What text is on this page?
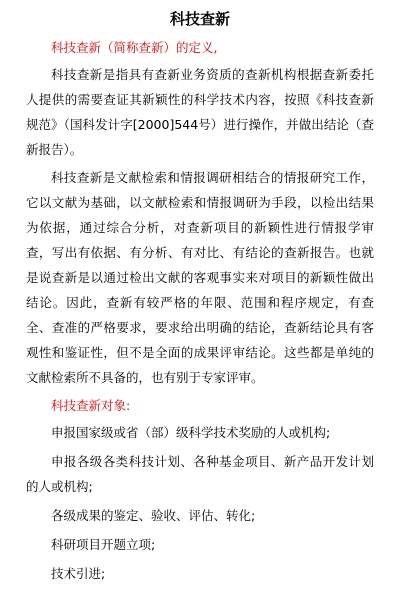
科技查新

科技查新（简称查新）的定义,

科技查新是指具有查新业务资质的查新机构根据查新委托人提供的需要查证其新颖性的科学技术内容，按照《科技查新规范》（国科发计字[2000]544号）进行操作，并做出结论（查新报告）。

科技查新是文献检索和情报调研相结合的情报研究工作，它以文献为基础，以文献检索和情报调研为手段，以检出结果为依据，通过综合分析，对查新项目的新颖性进行情报学审查，写出有依据、有分析、有对比、有结论的查新报告。也就是说查新是以通过检出文献的客观事实来对项目的新颖性做出结论。因此，查新有较严格的年限、范围和程序规定，有查全、查准的严格要求，要求给出明确的结论，查新结论具有客观性和鉴证性，但不是全面的成果评审结论。这些都是单纯的文献检索所不具备的，也有别于专家评审。

科技查新对象:

申报国家级或省（部）级科学技术奖励的人或机构;
申报各级各类科技计划、各种基金项目、新产品开发计划的人或机构;
各级成果的鉴定、验收、评估、转化;
科研项目开题立项;
技术引进;
